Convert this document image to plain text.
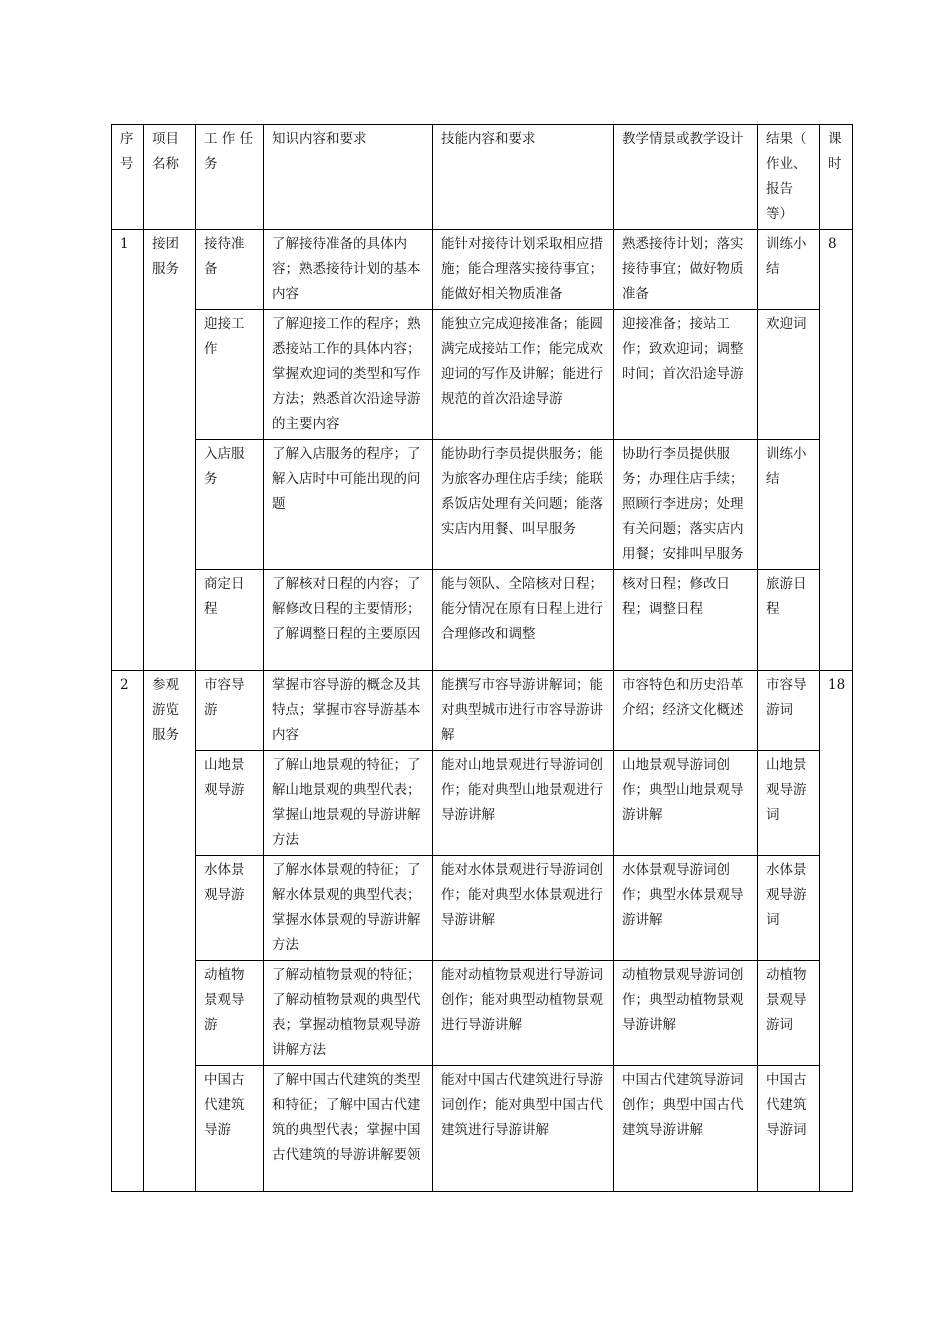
序号	项目名称	工 作 任 务	知识内容和要求	技能内容和要求	教学情景或教学设计	结果（ 作业、报告等）	课时
1	接团服务	接待准备	了解接待准备的具体内容；熟悉接待计划的基本内容	能针对接待计划采取相应措施；能合理落实接待事宜；能做好相关物质准备	熟悉接待计划；落实接待事宜；做好物质准备	训练小结	8
		迎接工作	了解迎接工作的程序；熟悉接站工作的具体内容；掌握欢迎词的类型和写作方法；熟悉首次沿途导游的主要内容	能独立完成迎接准备；能圆满完成接站工作；能完成欢迎词的写作及讲解；能进行规范的首次沿途导游	迎接准备；接站工作；致欢迎词；调整时间；首次沿途导游	欢迎词	
		入店服务	了解入店服务的程序；了解入店时中可能出现的问题	能协助行李员提供服务；能为旅客办理住店手续；能联系饭店处理有关问题；能落实店内用餐、叫早服务	协助行李员提供服务；办理住店手续；照顾行李进房；处理有关问题；落实店内用餐；安排叫早服务	训练小结	
		商定日程	了解核对日程的内容；了解修改日程的主要情形；了解调整日程的主要原因	能与领队、全陪核对日程；能分情况在原有日程上进行合理修改和调整	核对日程；修改日程；调整日程	旅游日程	
2	参观游览服务	市容导游	掌握市容导游的概念及其特点；掌握市容导游基本内容	能撰写市容导游讲解词；能对典型城市进行市容导游讲解	市容特色和历史沿革介绍；经济文化概述	市容导游词	18
		山地景观导游	了解山地景观的特征；了解山地景观的典型代表；掌握山地景观的导游讲解方法	能对山地景观进行导游词创作；能对典型山地景观进行导游讲解	山地景观导游词创作；典型山地景观导游讲解	山地景观导游词	
		水体景观导游	了解水体景观的特征；了解水体景观的典型代表；掌握水体景观的导游讲解方法	能对水体景观进行导游词创作；能对典型水体景观进行导游讲解	水体景观导游词创作；典型水体景观导游讲解	水体景观导游词	
		动植物景观导游	了解动植物景观的特征；了解动植物景观的典型代表；掌握动植物景观导游讲解方法	能对动植物景观进行导游词创作；能对典型动植物景观进行导游讲解	动植物景观导游词创作；典型动植物景观导游讲解	动植物景观导游词	
		中国古代建筑导游	了解中国古代建筑的类型和特征；了解中国古代建筑的典型代表；掌握中国古代建筑的导游讲解要领	能对中国古代建筑进行导游词创作；能对典型中国古代建筑进行导游讲解	中国古代建筑导游词创作；典型中国古代建筑导游讲解	中国古代建筑导游词	
